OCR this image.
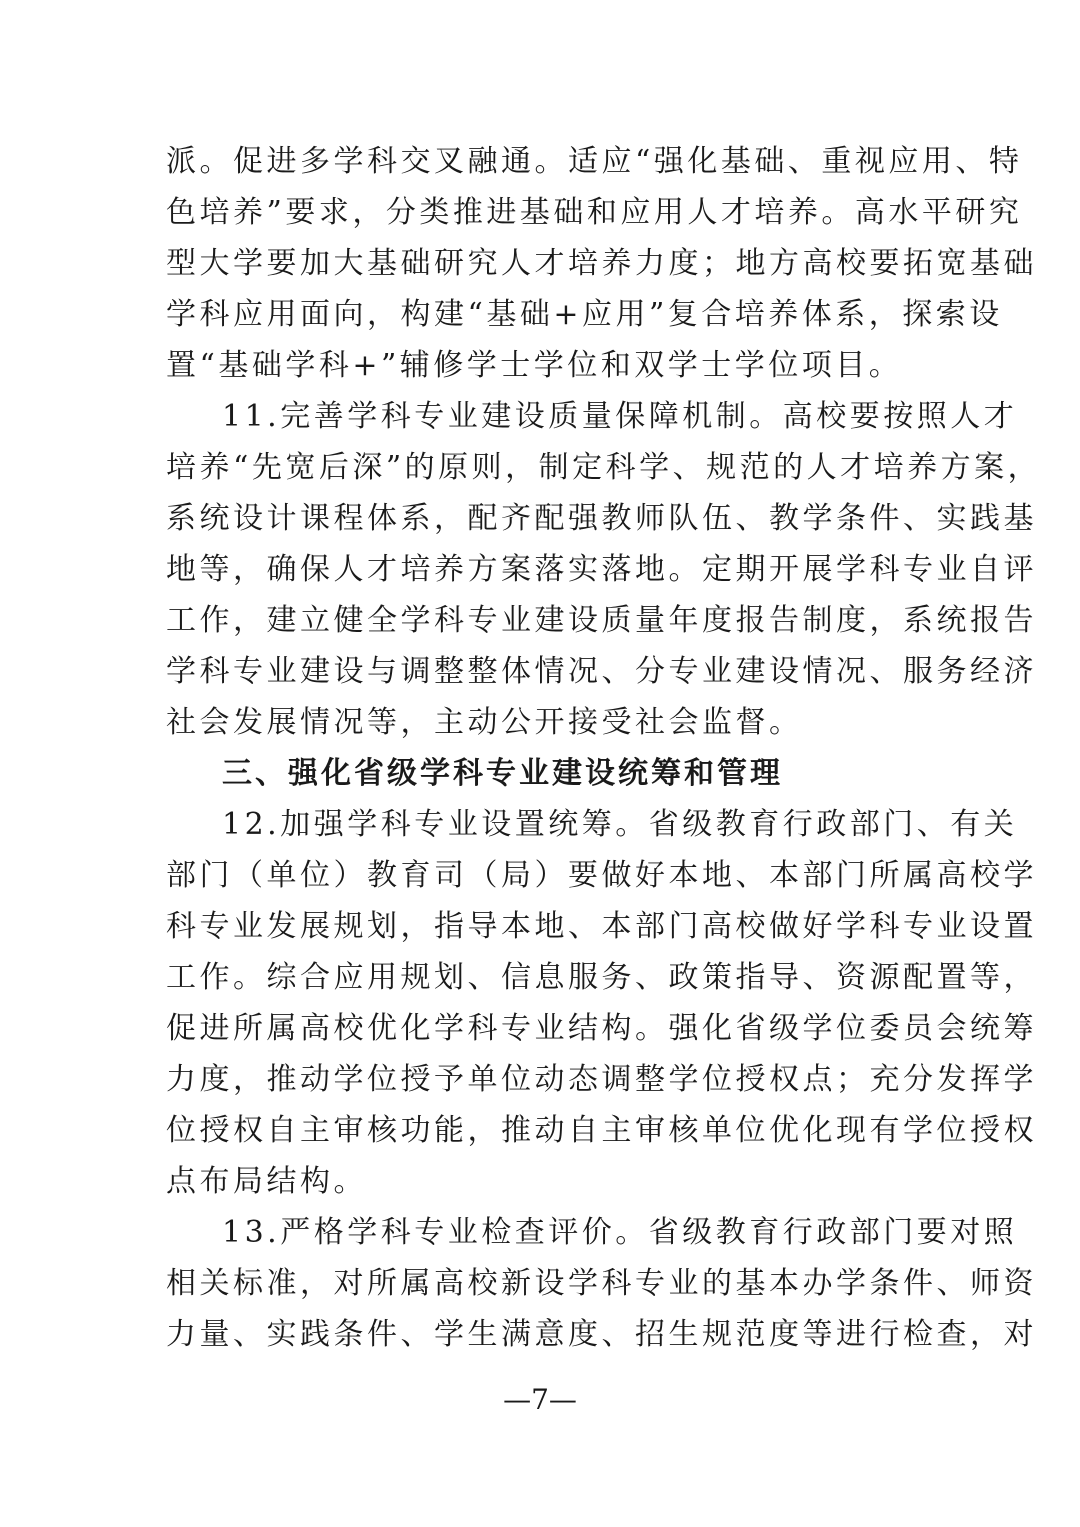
派。促进多学科交叉融通。适应“强化基础、重视应用、特
色培养”要求，分类推进基础和应用人才培养。高水平研究
型大学要加大基础研究人才培养力度；地方高校要拓宽基础
学科应用面向，构建“基础+应用”复合培养体系，探索设
置“基础学科+”辅修学士学位和双学士学位项目。
11.完善学科专业建设质量保障机制。高校要按照人才
培养“先宽后深”的原则，制定科学、规范的人才培养方案，
系统设计课程体系，配齐配强教师队伍、教学条件、实践基
地等，确保人才培养方案落实落地。定期开展学科专业自评
工作，建立健全学科专业建设质量年度报告制度，系统报告
学科专业建设与调整整体情况、分专业建设情况、服务经济
社会发展情况等，主动公开接受社会监督。
三、强化省级学科专业建设统筹和管理
12.加强学科专业设置统筹。省级教育行政部门、有关
部门（单位）教育司（局）要做好本地、本部门所属高校学
科专业发展规划，指导本地、本部门高校做好学科专业设置
工作。综合应用规划、信息服务、政策指导、资源配置等，
促进所属高校优化学科专业结构。强化省级学位委员会统筹
力度，推动学位授予单位动态调整学位授权点；充分发挥学
位授权自主审核功能，推动自主审核单位优化现有学位授权
点布局结构。
13.严格学科专业检查评价。省级教育行政部门要对照
相关标准，对所属高校新设学科专业的基本办学条件、师资
力量、实践条件、学生满意度、招生规范度等进行检查，对
—7—
